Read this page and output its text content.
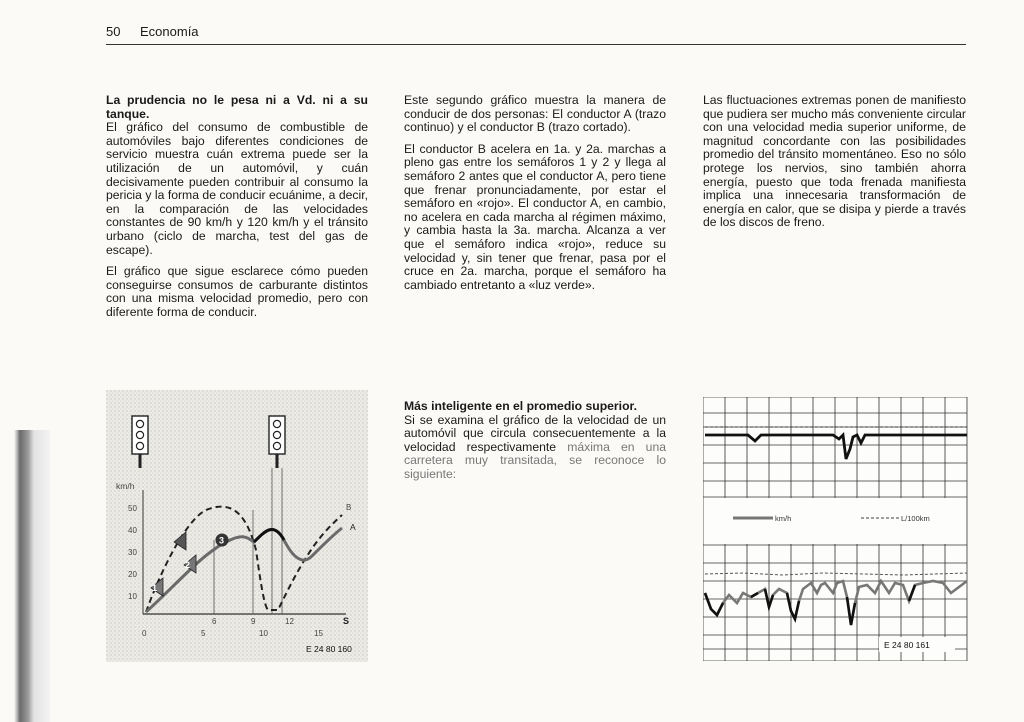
50 Economía
La prudencia no le pesa ni a Vd. ni a su tanque.

El gráfico del consumo de combustible de automóviles bajo diferentes condiciones de servicio muestra cuán extrema puede ser la utilización de un automóvil, y cuán decisivamente pueden contribuir al consumo la pericia y la forma de conducir ecuánime, a decir, en la comparación de las velocidades constantes de 90 km/h y 120 km/h y el tránsito urbano (ciclo de marcha, test del gas de escape).

El gráfico que sigue esclarece cómo pueden conseguirse consumos de carburante distintos con una misma velocidad promedio, pero con diferente forma de conducir.

Este segundo gráfico muestra la manera de conducir de dos personas: El conductor A (trazo continuo) y el conductor B (trazo cortado).

El conductor B acelera en 1a. y 2a. marchas a pleno gas entre los semáforos 1 y 2 y llega al semáforo 2 antes que el conductor A, pero tiene que frenar pronunciadamente, por estar el semáforo en «rojo». El conductor A, en cambio, no acelera en cada marcha al régimen máximo, y cambia hasta la 3a. marcha. Alcanza a ver que el semáforo indica «rojo», reduce su velocidad y, sin tener que frenar, pasa por el cruce en 2a. marcha, porque el semáforo ha cambiado entretanto a «luz verde».

Más inteligente en el promedio superior.

Si se examina el gráfico de la velocidad de un automóvil que circula consecuentemente a la velocidad respectivamente máxima en una carretera muy transitada, se reconoce lo siguiente:

Las fluctuaciones extremas ponen de manifiesto que pudiera ser mucho más conveniente circular con una velocidad media superior uniforme, de magnitud concordante con las posibilidades promedio del tránsito momentáneo. Eso no sólo protege los nervios, sino también ahorra energía, puesto que toda frenada manifiesta implica una innecesaria transformación de energía en calor, que se disipa y pierde a través de los discos de freno.

km/h
50
40
30
20
10
1
2
3
B
A
6	9	12	S
0	5	10	15
E 24 80 160
km/h	L/100km
E 24 80 161
